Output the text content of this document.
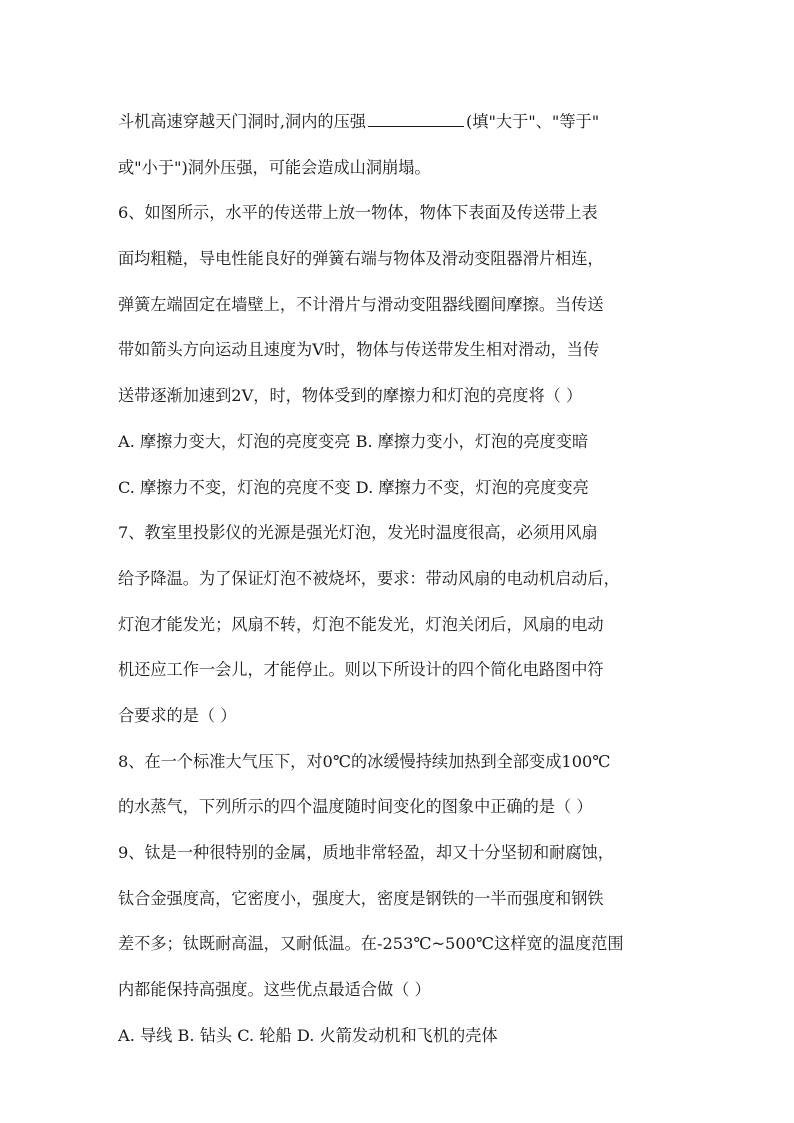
斗机高速穿越天门洞时,洞内的压强	(填"大于"、"等于"
或"小于")洞外压强，可能会造成山洞崩塌。
6、如图所示，水平的传送带上放一物体，物体下表面及传送带上表
面均粗糙，导电性能良好的弹簧右端与物体及滑动变阻器滑片相连，
弹簧左端固定在墙壁上，不计滑片与滑动变阻器线圈间摩擦。当传送
带如箭头方向运动且速度为V时，物体与传送带发生相对滑动，当传
送带逐渐加速到2V，时，物体受到的摩擦力和灯泡的亮度将（ ）
A. 摩擦力变大，灯泡的亮度变亮 B. 摩擦力变小，灯泡的亮度变暗
C. 摩擦力不变，灯泡的亮度不变 D. 摩擦力不变，灯泡的亮度变亮
7、教室里投影仪的光源是强光灯泡，发光时温度很高，必须用风扇
给予降温。为了保证灯泡不被烧坏，要求：带动风扇的电动机启动后，
灯泡才能发光；风扇不转，灯泡不能发光，灯泡关闭后，风扇的电动
机还应工作一会儿，才能停止。则以下所设计的四个简化电路图中符
合要求的是（ ）
8、在一个标准大气压下，对0℃的冰缓慢持续加热到全部变成100℃
的水蒸气，下列所示的四个温度随时间变化的图象中正确的是（ ）
9、钛是一种很特别的金属，质地非常轻盈，却又十分坚韧和耐腐蚀，
钛合金强度高，它密度小，强度大，密度是钢铁的一半而强度和钢铁
差不多；钛既耐高温，又耐低温。在-253℃~500℃这样宽的温度范围
内都能保持高强度。这些优点最适合做（ ）
A. 导线 B. 钻头 C. 轮船 D. 火箭发动机和飞机的壳体
